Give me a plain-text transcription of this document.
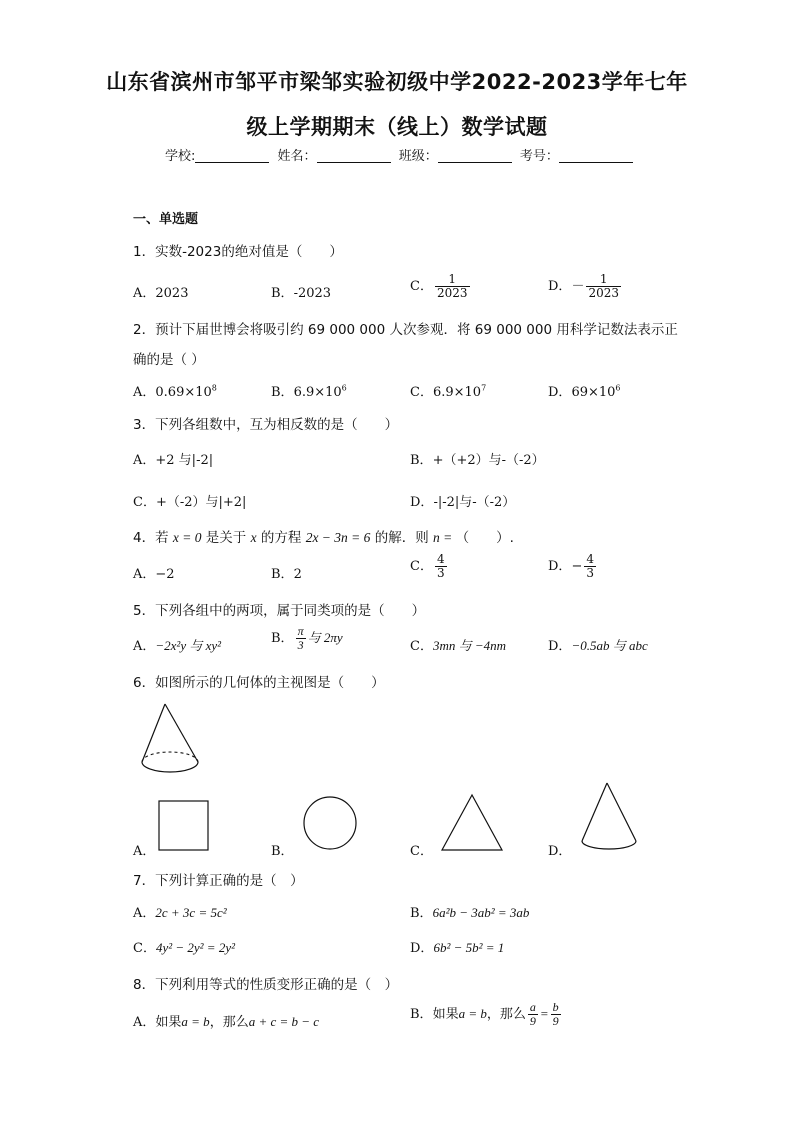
山东省滨州市邹平市梁邹实验初级中学2022-2023学年七年
级上学期期末（线上）数学试题
学校:	姓名：	班级：	考号：
一、单选题
1．实数-2023的绝对值是（　　）
A．2023	B．-2023	C． $\frac{1}{2023}$	D．－ $\frac{1}{2023}$
2．预计下届世博会将吸引约 69 000 000 人次参观．将 69 000 000 用科学记数法表示正
确的是（ ）
A．$0.69\times 10^8$	B．$6.9\times 10^6$	C．$6.9\times 10^7$	D．$69\times 10^6$
3．下列各组数中，互为相反数的是（　　）
A．+2 与|-2|	B．+（+2）与-（-2）
C．+（-2）与|+2|	D．-|-2|与-（-2）
4．若 x = 0 是关于 x 的方程 2x − 3n = 6 的解．则 n = （　　）.
A．−2	B．2
C． $\frac{4}{3}$	D．− $\frac{4}{3}$
5．下列各组中的两项，属于同类项的是（　　）
A．−2x²y 与 xy²	B． $\frac{\pi}{3}$ 与 2πy
C．3mn 与 −4nm	D．−0.5ab 与 abc
6．如图所示的几何体的主视图是（　　）
A．	B．	C．	D．
7．下列计算正确的是（　）
A．2c + 3c = 5c²	B．6a²b − 3ab² = 3ab
C．4y² − 2y² = 2y²	D．6b² − 5b² = 1
8．下列利用等式的性质变形正确的是（　）
A．如果a = b，那么a + c = b − c	B．如果a = b，那么 $\frac{a}{9} = \frac{b}{9}$
